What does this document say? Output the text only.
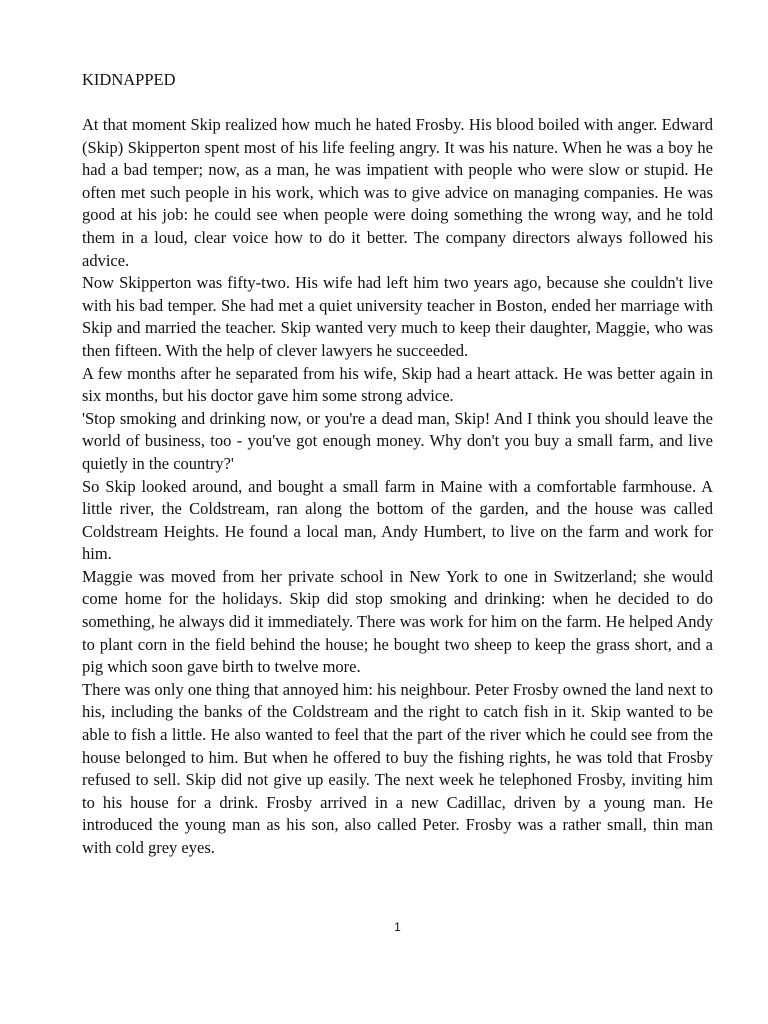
KIDNAPPED

At that moment Skip realized how much he hated Frosby. His blood boiled with anger. Edward (Skip) Skipperton spent most of his life feeling angry. It was his nature. When he was a boy he had a bad temper; now, as a man, he was impatient with people who were slow or stupid. He often met such people in his work, which was to give advice on managing companies. He was good at his job: he could see when people were doing something the wrong way, and he told them in a loud, clear voice how to do it better. The company directors always followed his advice.

Now Skipperton was fifty-two. His wife had left him two years ago, because she couldn't live with his bad temper. She had met a quiet university teacher in Boston, ended her marriage with Skip and married the teacher. Skip wanted very much to keep their daughter, Maggie, who was then fifteen. With the help of clever lawyers he succeeded.

A few months after he separated from his wife, Skip had a heart attack. He was better again in six months, but his doctor gave him some strong advice.

'Stop smoking and drinking now, or you're a dead man, Skip! And I think you should leave the world of business, too - you've got enough money. Why don't you buy a small farm, and live quietly in the country?'

So Skip looked around, and bought a small farm in Maine with a comfortable farmhouse. A little river, the Coldstream, ran along the bottom of the garden, and the house was called Coldstream Heights. He found a local man, Andy Humbert, to live on the farm and work for him.

Maggie was moved from her private school in New York to one in Switzerland; she would come home for the holidays. Skip did stop smoking and drinking: when he decided to do something, he always did it immediately. There was work for him on the farm. He helped Andy to plant corn in the field behind the house; he bought two sheep to keep the grass short, and a pig which soon gave birth to twelve more.

There was only one thing that annoyed him: his neighbour. Peter Frosby owned the land next to his, including the banks of the Coldstream and the right to catch fish in it. Skip wanted to be able to fish a little. He also wanted to feel that the part of the river which he could see from the house belonged to him. But when he offered to buy the fishing rights, he was told that Frosby refused to sell. Skip did not give up easily. The next week he telephoned Frosby, inviting him to his house for a drink. Frosby arrived in a new Cadillac, driven by a young man. He introduced the young man as his son, also called Peter. Frosby was a rather small, thin man with cold grey eyes.

1
